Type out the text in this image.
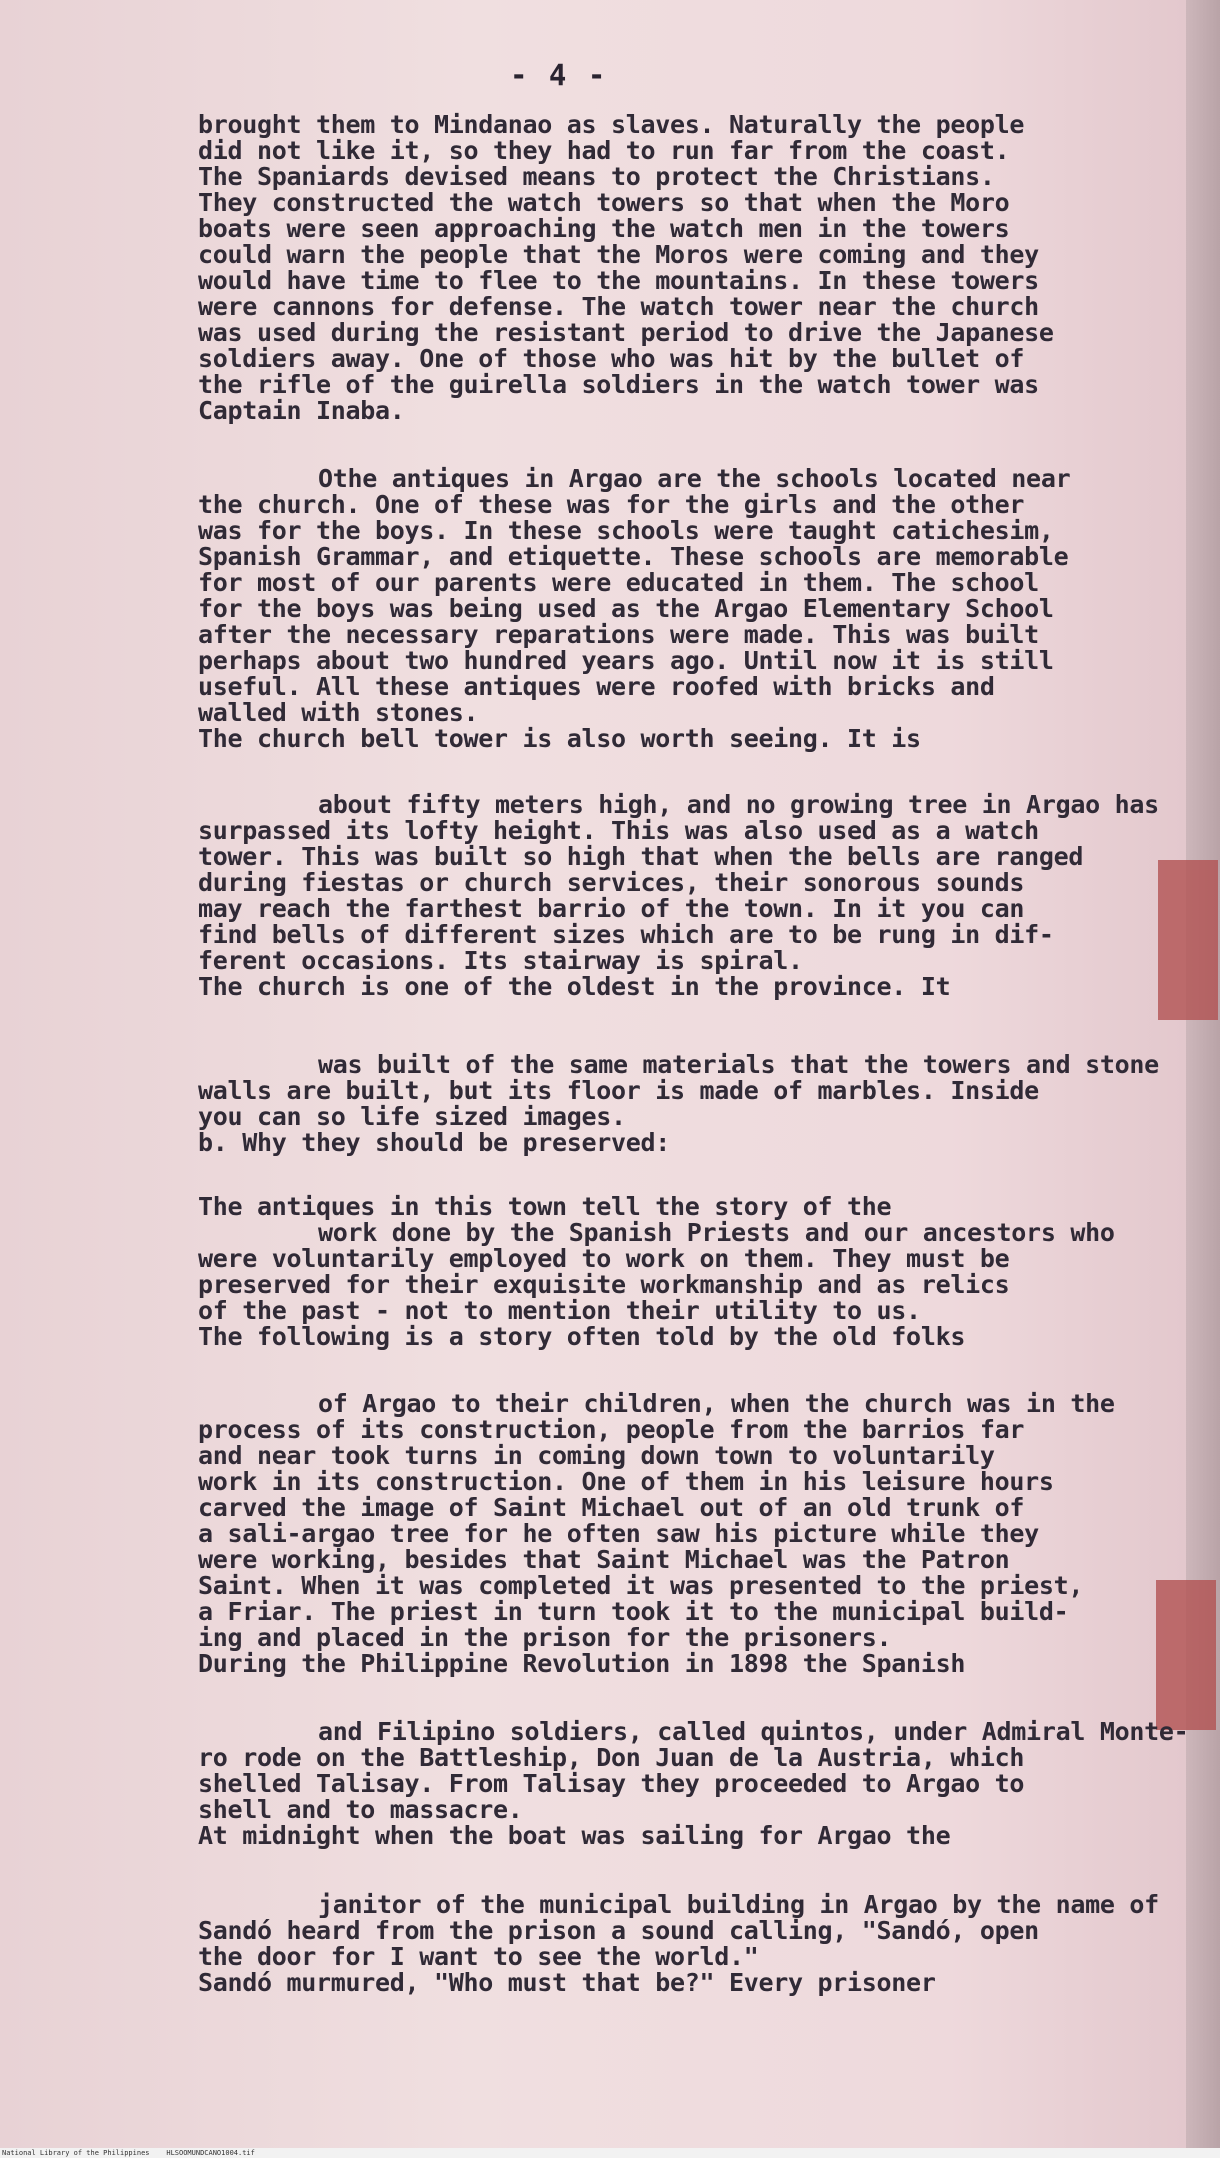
- 4 -
brought them to Mindanao as slaves. Naturally the people
did not like it, so they had to run far from the coast.
The Spaniards devised means to protect the Christians.
They constructed the watch towers so that when the Moro
boats were seen approaching the watch men in the towers
could warn the people that the Moros were coming and they
would have time to flee to the mountains. In these towers
were cannons for defense. The watch tower near the church
was used during the resistant period to drive the Japanese
soldiers away. One of those who was hit by the bullet of
the rifle of the guirella soldiers in the watch tower was
Captain Inaba.
Othe antiques in Argao are the schools located near
the church. One of these was for the girls and the other
was for the boys. In these schools were taught catichesim,
Spanish Grammar, and etiquette. These schools are memorable
for most of our parents were educated in them. The school
for the boys was being used as the Argao Elementary School
after the necessary reparations were made. This was built
perhaps about two hundred years ago. Until now it is still
useful. All these antiques were roofed with bricks and
walled with stones.
The church bell tower is also worth seeing. It is
about fifty meters high, and no growing tree in Argao has
surpassed its lofty height. This was also used as a watch
tower. This was built so high that when the bells are ranged
during fiestas or church services, their sonorous sounds
may reach the farthest barrio of the town. In it you can
find bells of different sizes which are to be rung in dif-
ferent occasions. Its stairway is spiral.
The church is one of the oldest in the province. It
was built of the same materials that the towers and stone
walls are built, but its floor is made of marbles. Inside
you can so life sized images.
b. Why they should be preserved:
The antiques in this town tell the story of the
work done by the Spanish Priests and our ancestors who
were voluntarily employed to work on them. They must be
preserved for their exquisite workmanship and as relics
of the past - not to mention their utility to us.
The following is a story often told by the old folks
of Argao to their children, when the church was in the
process of its construction, people from the barrios far
and near took turns in coming down town to voluntarily
work in its construction. One of them in his leisure hours
carved the image of Saint Michael out of an old trunk of
a sali-argao tree for he often saw his picture while they
were working, besides that Saint Michael was the Patron
Saint. When it was completed it was presented to the priest,
a Friar. The priest in turn took it to the municipal build-
ing and placed in the prison for the prisoners.
During the Philippine Revolution in 1898 the Spanish
and Filipino soldiers, called quintos, under Admiral Monte-
ro rode on the Battleship, Don Juan de la Austria, which
shelled Talisay. From Talisay they proceeded to Argao to
shell and to massacre.
At midnight when the boat was sailing for Argao the
janitor of the municipal building in Argao by the name of
Sandó heard from the prison a sound calling, "Sandó, open
the door for I want to see the world."
Sandó murmured, "Who must that be?" Every prisoner
National Library of the Philippines    HLSOOMUNDCANO1004.tif
